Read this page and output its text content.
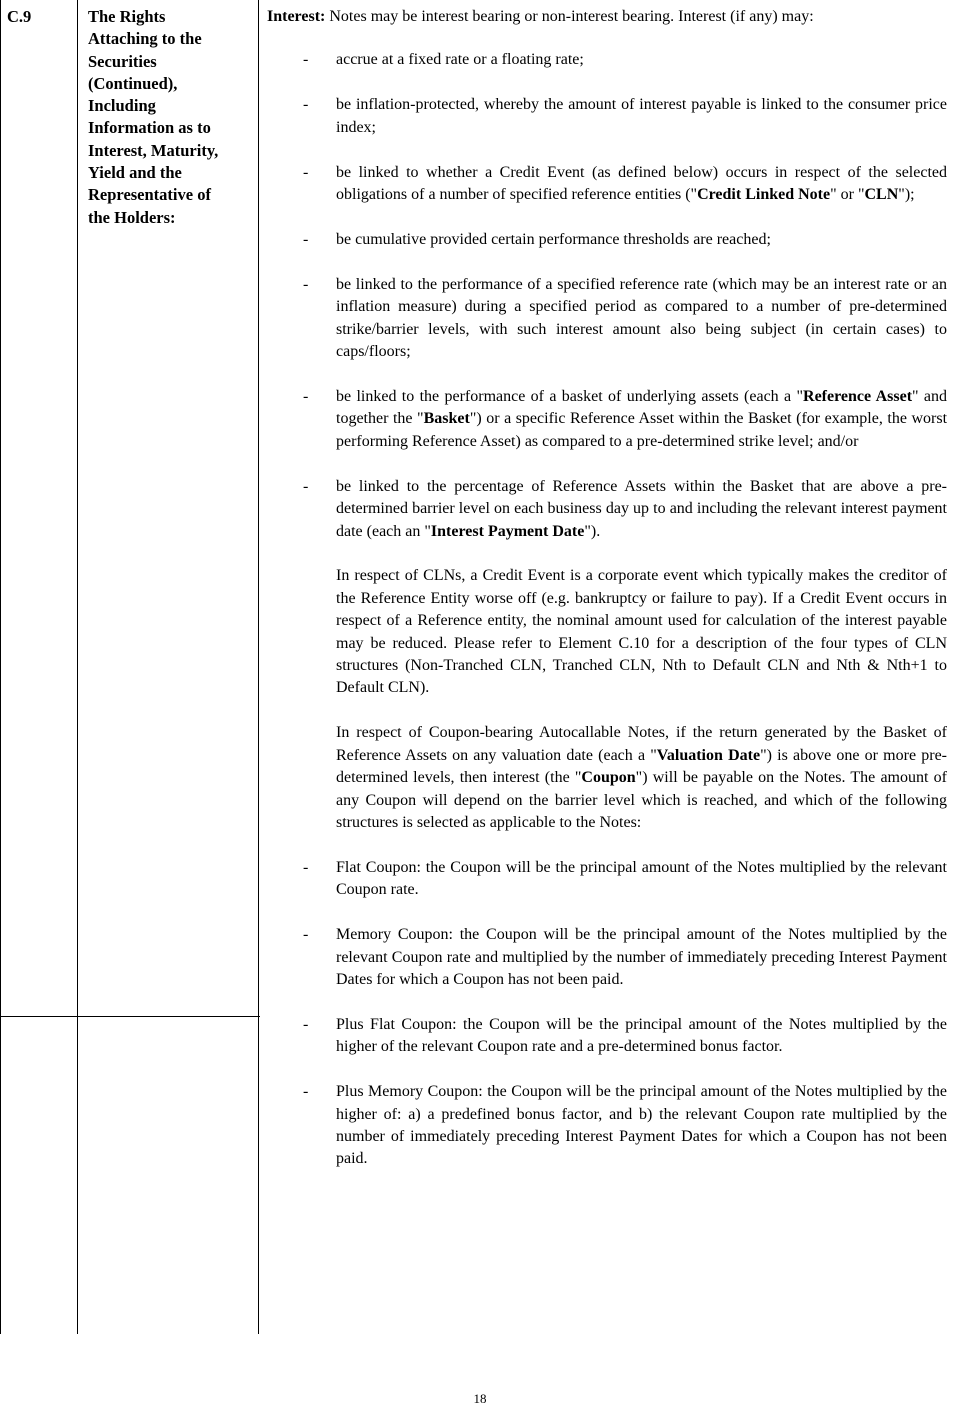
C.9	The Rights
Attaching to the
Securities
(Continued),
Including
Information as to
Interest, Maturity,
Yield and the
Representative of
the Holders:
Interest: Notes may be interest bearing or non-interest bearing. Interest (if any) may:
- accrue at a fixed rate or a floating rate;
- be inflation-protected, whereby the amount of interest payable is linked to the consumer price index;
- be linked to whether a Credit Event (as defined below) occurs in respect of the selected obligations of a number of specified reference entities ("Credit Linked Note" or "CLN");
- be cumulative provided certain performance thresholds are reached;
- be linked to the performance of a specified reference rate (which may be an interest rate or an inflation measure) during a specified period as compared to a number of pre-determined strike/barrier levels, with such interest amount also being subject (in certain cases) to caps/floors;
- be linked to the performance of a basket of underlying assets (each a "Reference Asset" and together the "Basket") or a specific Reference Asset within the Basket (for example, the worst performing Reference Asset) as compared to a pre-determined strike level; and/or
- be linked to the percentage of Reference Assets within the Basket that are above a pre-determined barrier level on each business day up to and including the relevant interest payment date (each an "Interest Payment Date").
In respect of CLNs, a Credit Event is a corporate event which typically makes the creditor of the Reference Entity worse off (e.g. bankruptcy or failure to pay). If a Credit Event occurs in respect of a Reference entity, the nominal amount used for calculation of the interest payable may be reduced. Please refer to Element C.10 for a description of the four types of CLN structures (Non-Tranched CLN, Tranched CLN, Nth to Default CLN and Nth & Nth+1 to Default CLN).
In respect of Coupon-bearing Autocallable Notes, if the return generated by the Basket of Reference Assets on any valuation date (each a "Valuation Date") is above one or more pre-determined levels, then interest (the "Coupon") will be payable on the Notes. The amount of any Coupon will depend on the barrier level which is reached, and which of the following structures is selected as applicable to the Notes:
- Flat Coupon: the Coupon will be the principal amount of the Notes multiplied by the relevant Coupon rate.
- Memory Coupon: the Coupon will be the principal amount of the Notes multiplied by the relevant Coupon rate and multiplied by the number of immediately preceding Interest Payment Dates for which a Coupon has not been paid.
- Plus Flat Coupon: the Coupon will be the principal amount of the Notes multiplied by the higher of the relevant Coupon rate and a pre-determined bonus factor.
- Plus Memory Coupon: the Coupon will be the principal amount of the Notes multiplied by the higher of: a) a predefined bonus factor, and b) the relevant Coupon rate multiplied by the number of immediately preceding Interest Payment Dates for which a Coupon has not been paid.
18
